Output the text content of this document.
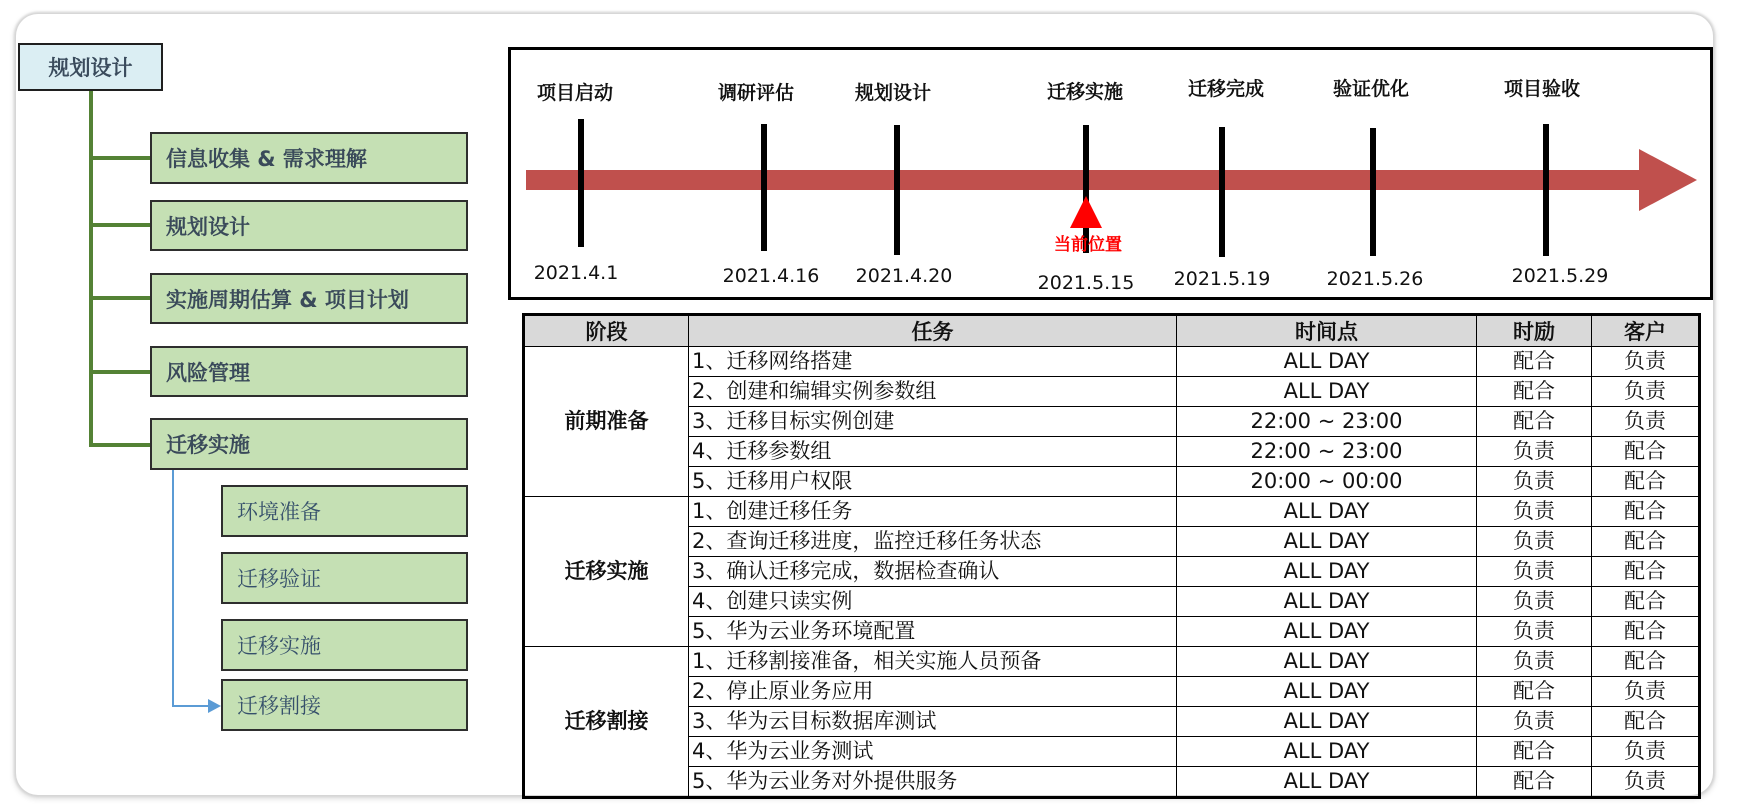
规划设计
信息收集 & 需求理解
规划设计
实施周期估算 & 项目计划
风险管理
迁移实施
环境准备
迁移验证
迁移实施
迁移割接
项目启动
2021.4.1
调研评估
2021.4.16
规划设计
2021.4.20
迁移实施
2021.5.15
迁移完成
2021.5.19
验证优化
2021.5.26
项目验收
2021.5.29
当前位置
阶段	任务	时间点	时励	客户
前期准备	1、迁移网络搭建	ALL DAY	配合	负责
	2、创建和编辑实例参数组	ALL DAY	配合	负责
	3、迁移目标实例创建	22:00 ~ 23:00	配合	负责
	4、迁移参数组	22:00 ~ 23:00	负责	配合
	5、迁移用户权限	20:00 ~ 00:00	负责	配合
迁移实施	1、创建迁移任务	ALL DAY	负责	配合
	2、查询迁移进度，监控迁移任务状态	ALL DAY	负责	配合
	3、确认迁移完成，数据检查确认	ALL DAY	负责	配合
	4、创建只读实例	ALL DAY	负责	配合
	5、华为云业务环境配置	ALL DAY	负责	配合
迁移割接	1、迁移割接准备，相关实施人员预备	ALL DAY	负责	配合
	2、停止原业务应用	ALL DAY	配合	负责
	3、华为云目标数据库测试	ALL DAY	负责	配合
	4、华为云业务测试	ALL DAY	配合	负责
	5、华为云业务对外提供服务	ALL DAY	配合	负责
